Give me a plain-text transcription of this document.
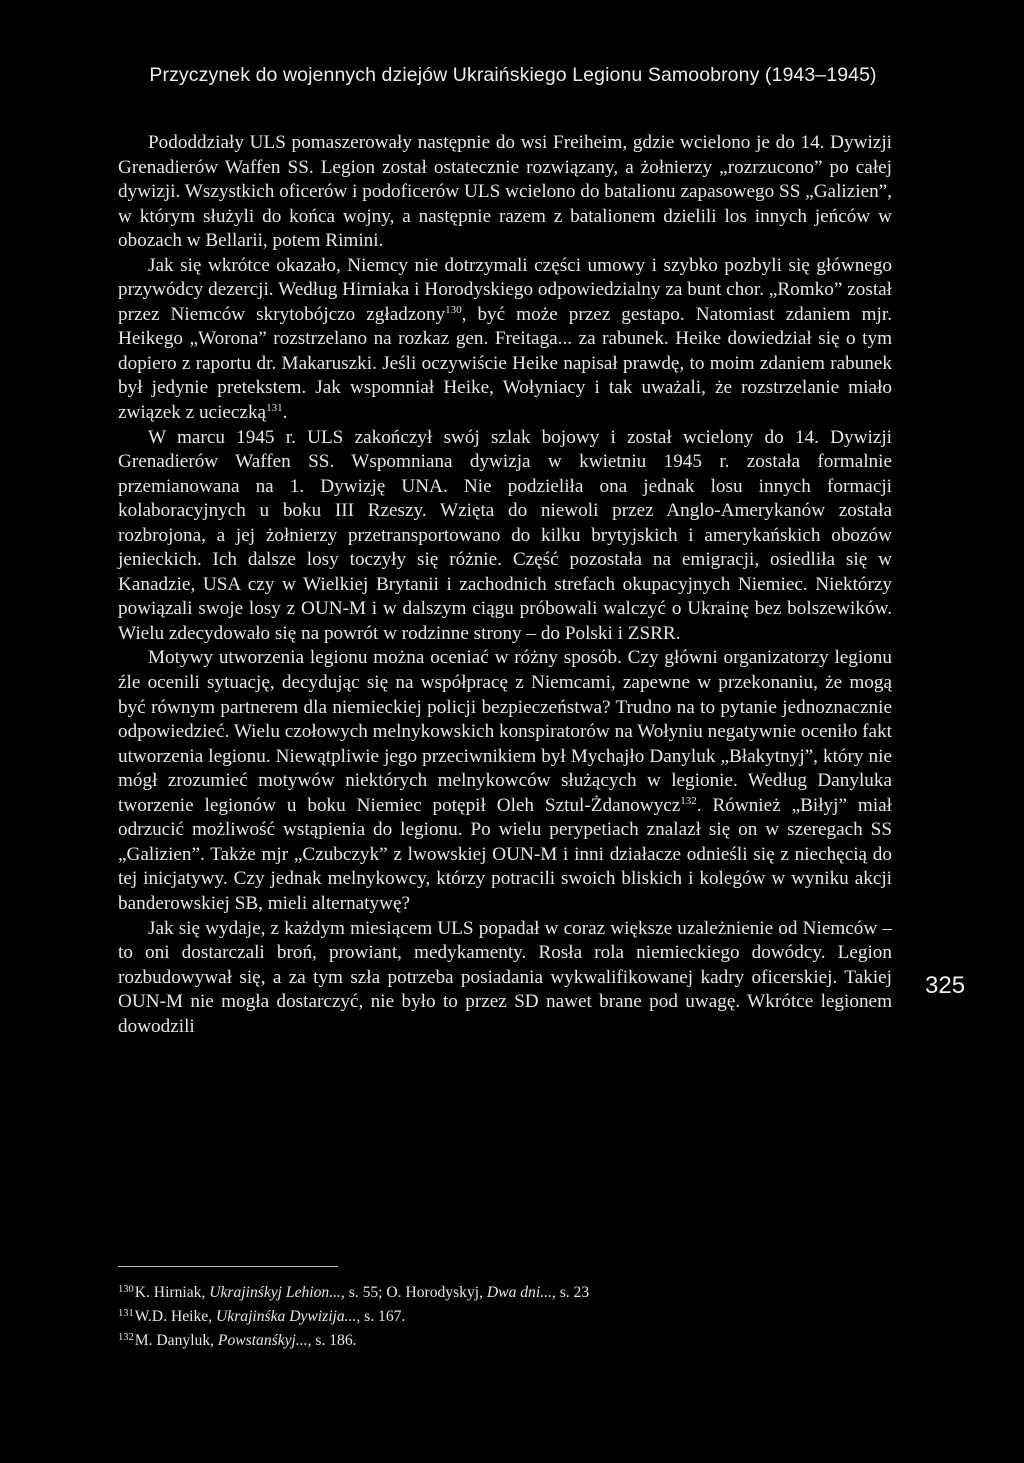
Przyczynek do wojennych dziejów Ukraińskiego Legionu Samoobrony (1943–1945)

Pododdziały ULS pomaszerowały następnie do wsi Freiheim, gdzie wcielono je do 14. Dywizji Grenadierów Waffen SS. Legion został ostatecznie rozwiązany, a żołnierzy „rozrzucono” po całej dywizji. Wszystkich oficerów i podoficerów ULS wcielono do batalionu zapasowego SS „Galizien”, w którym służyli do końca wojny, a następnie razem z batalionem dzielili los innych jeńców w obozach w Bellarii, potem Rimini.

Jak się wkrótce okazało, Niemcy nie dotrzymali części umowy i szybko pozbyli się głównego przywódcy dezercji. Według Hirniaka i Horodyskiego odpowiedzialny za bunt chor. „Romko” został przez Niemców skrytobójczo zgładzony$^{130}$, być może przez gestapo. Natomiast zdaniem mjr. Heikego „Worona” rozstrzelano na rozkaz gen. Freitaga... za rabunek. Heike dowiedział się o tym dopiero z raportu dr. Makaruszki. Jeśli oczywiście Heike napisał prawdę, to moim zdaniem rabunek był jedynie pretekstem. Jak wspomniał Heike, Wołyniacy i tak uważali, że rozstrzelanie miało związek z ucieczką$^{131}$.

W marcu 1945 r. ULS zakończył swój szlak bojowy i został wcielony do 14. Dywizji Grenadierów Waffen SS. Wspomniana dywizja w kwietniu 1945 r. została formalnie przemianowana na 1. Dywizję UNA. Nie podzieliła ona jednak losu innych formacji kolaboracyjnych u boku III Rzeszy. Wzięta do niewoli przez Anglo-Amerykanów została rozbrojona, a jej żołnierzy przetransportowano do kilku brytyjskich i amerykańskich obozów jenieckich. Ich dalsze losy toczyły się różnie. Część pozostała na emigracji, osiedliła się w Kanadzie, USA czy w Wielkiej Brytanii i zachodnich strefach okupacyjnych Niemiec. Niektórzy powiązali swoje losy z OUN-M i w dalszym ciągu próbowali walczyć o Ukrainę bez bolszewików. Wielu zdecydowało się na powrót w rodzinne strony – do Polski i ZSRR.

Motywy utworzenia legionu można oceniać w różny sposób. Czy główni organizatorzy legionu źle ocenili sytuację, decydując się na współpracę z Niemcami, zapewne w przekonaniu, że mogą być równym partnerem dla niemieckiej policji bezpieczeństwa? Trudno na to pytanie jednoznacznie odpowiedzieć. Wielu czołowych melnykowskich konspiratorów na Wołyniu negatywnie oceniło fakt utworzenia legionu. Niewątpliwie jego przeciwnikiem był Mychajło Danyluk „Błakytnyj”, który nie mógł zrozumieć motywów niektórych melnykowców służących w legionie. Według Danyluka tworzenie legionów u boku Niemiec potępił Oleh Sztul-Żdanowycz$^{132}$. Również „Biłyj” miał odrzucić możliwość wstąpienia do legionu. Po wielu perypetiach znalazł się on w szeregach SS „Galizien”. Także mjr „Czubczyk” z lwowskiej OUN-M i inni działacze odnieśli się z niechęcią do tej inicjatywy. Czy jednak melnykowcy, którzy potracili swoich bliskich i kolegów w wyniku akcji banderowskiej SB, mieli alternatywę?

Jak się wydaje, z każdym miesiącem ULS popadał w coraz większe uzależnienie od Niemców – to oni dostarczali broń, prowiant, medykamenty. Rosła rola niemieckiego dowódcy. Legion rozbudowywał się, a za tym szła potrzeba posiadania wykwalifikowanej kadry oficerskiej. Takiej OUN-M nie mogła dostarczyć, nie było to przez SD nawet brane pod uwagę. Wkrótce legionem dowodzili

325

$^{130}$K. Hirniak, Ukrajinśkyj Lehion..., s. 55; O. Horodyskyj, Dwa dni..., s. 23

$^{131}$W.D. Heike, Ukrajinśka Dywizija..., s. 167.

$^{132}$M. Danyluk, Powstanśkyj..., s. 186.
